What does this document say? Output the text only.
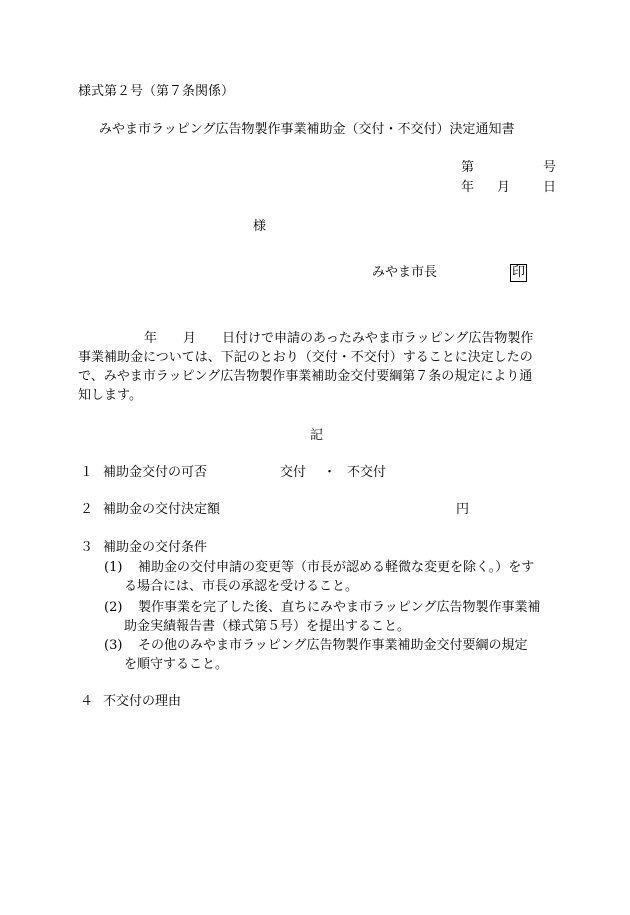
様式第２号（第７条関係）
みやま市ラッピング広告物製作事業補助金（交付・不交付）決定通知書
第	号
年 月	日
様
みやま市長	印
年　　月　　日付けで申請のあったみやま市ラッピング広告物製作
事業補助金については、下記のとおり（交付・不交付）することに決定したの
で、みやま市ラッピング広告物製作事業補助金交付要綱第７条の規定により通
知します。
記
１ 補助金交付の可否	交付 ・ 不交付
２ 補助金の交付決定額	円
３ 補助金の交付条件
(1) 補助金の交付申請の変更等（市長が認める軽微な変更を除く。）をす
る場合には、市長の承認を受けること。
(2) 製作事業を完了した後、直ちにみやま市ラッピング広告物製作事業補
助金実績報告書（様式第５号）を提出すること。
(3) その他のみやま市ラッピング広告物製作事業補助金交付要綱の規定
を順守すること。
４ 不交付の理由
